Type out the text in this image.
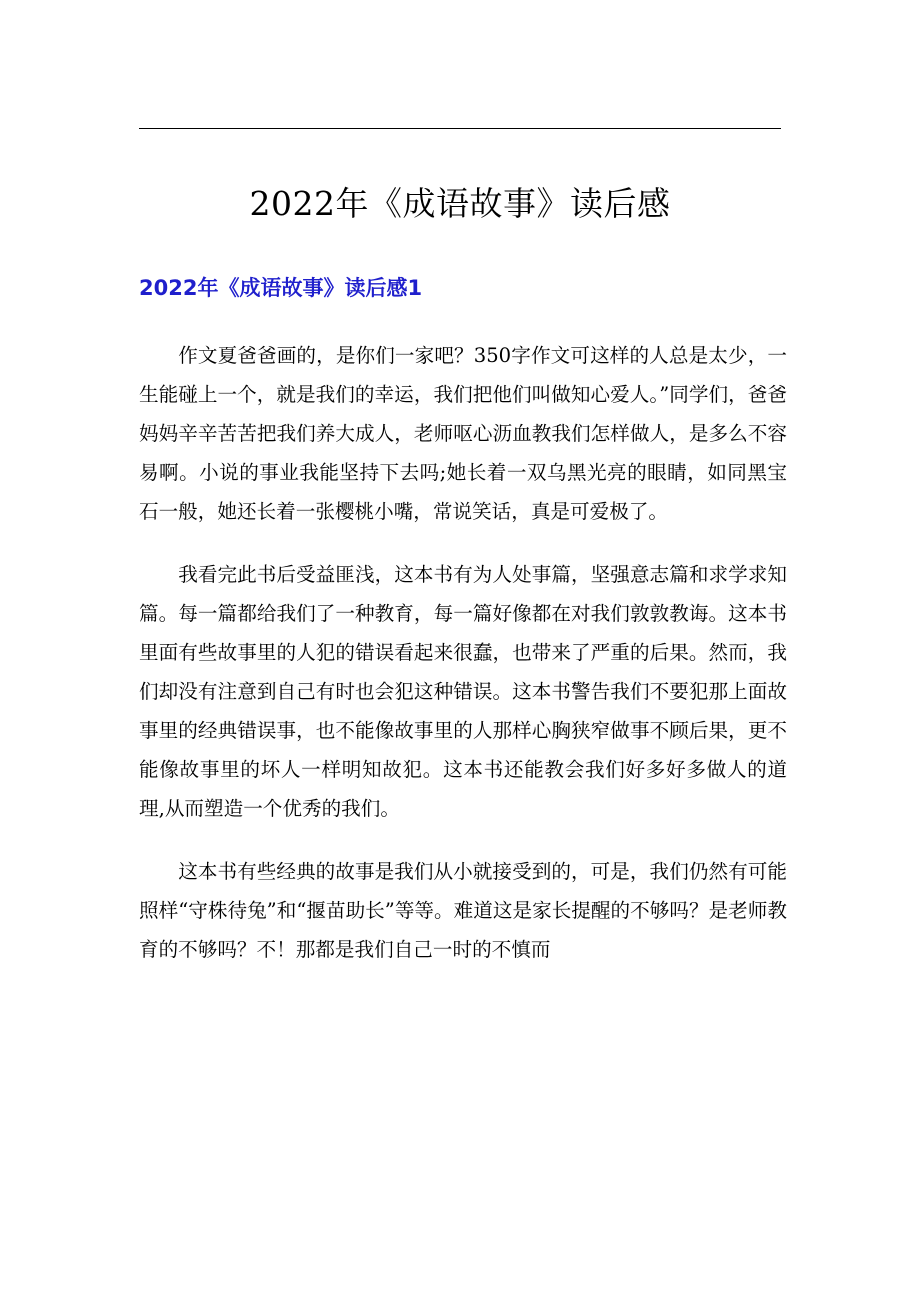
2022年《成语故事》读后感
2022年《成语故事》读后感1

作文夏爸爸画的，是你们一家吧？350字作文可这样的人总是太少，一生能碰上一个，就是我们的幸运，我们把他们叫做知心爱人。”同学们，爸爸妈妈辛辛苦苦把我们养大成人，老师呕心沥血教我们怎样做人，是多么不容易啊。小说的事业我能坚持下去吗;她长着一双乌黑光亮的眼睛，如同黑宝石一般，她还长着一张樱桃小嘴，常说笑话，真是可爱极了。

我看完此书后受益匪浅，这本书有为人处事篇，坚强意志篇和求学求知篇。每一篇都给我们了一种教育，每一篇好像都在对我们敦敦教诲。这本书里面有些故事里的人犯的错误看起来很蠢，也带来了严重的后果。然而，我们却没有注意到自己有时也会犯这种错误。这本书警告我们不要犯那上面故事里的经典错误事，也不能像故事里的人那样心胸狭窄做事不顾后果，更不能像故事里的坏人一样明知故犯。这本书还能教会我们好多好多做人的道理,从而塑造一个优秀的我们。

这本书有些经典的故事是我们从小就接受到的，可是，我们仍然有可能照样“守株待兔”和“揠苗助长”等等。难道这是家长提醒的不够吗？是老师教育的不够吗？不！那都是我们自己一时的不慎而
